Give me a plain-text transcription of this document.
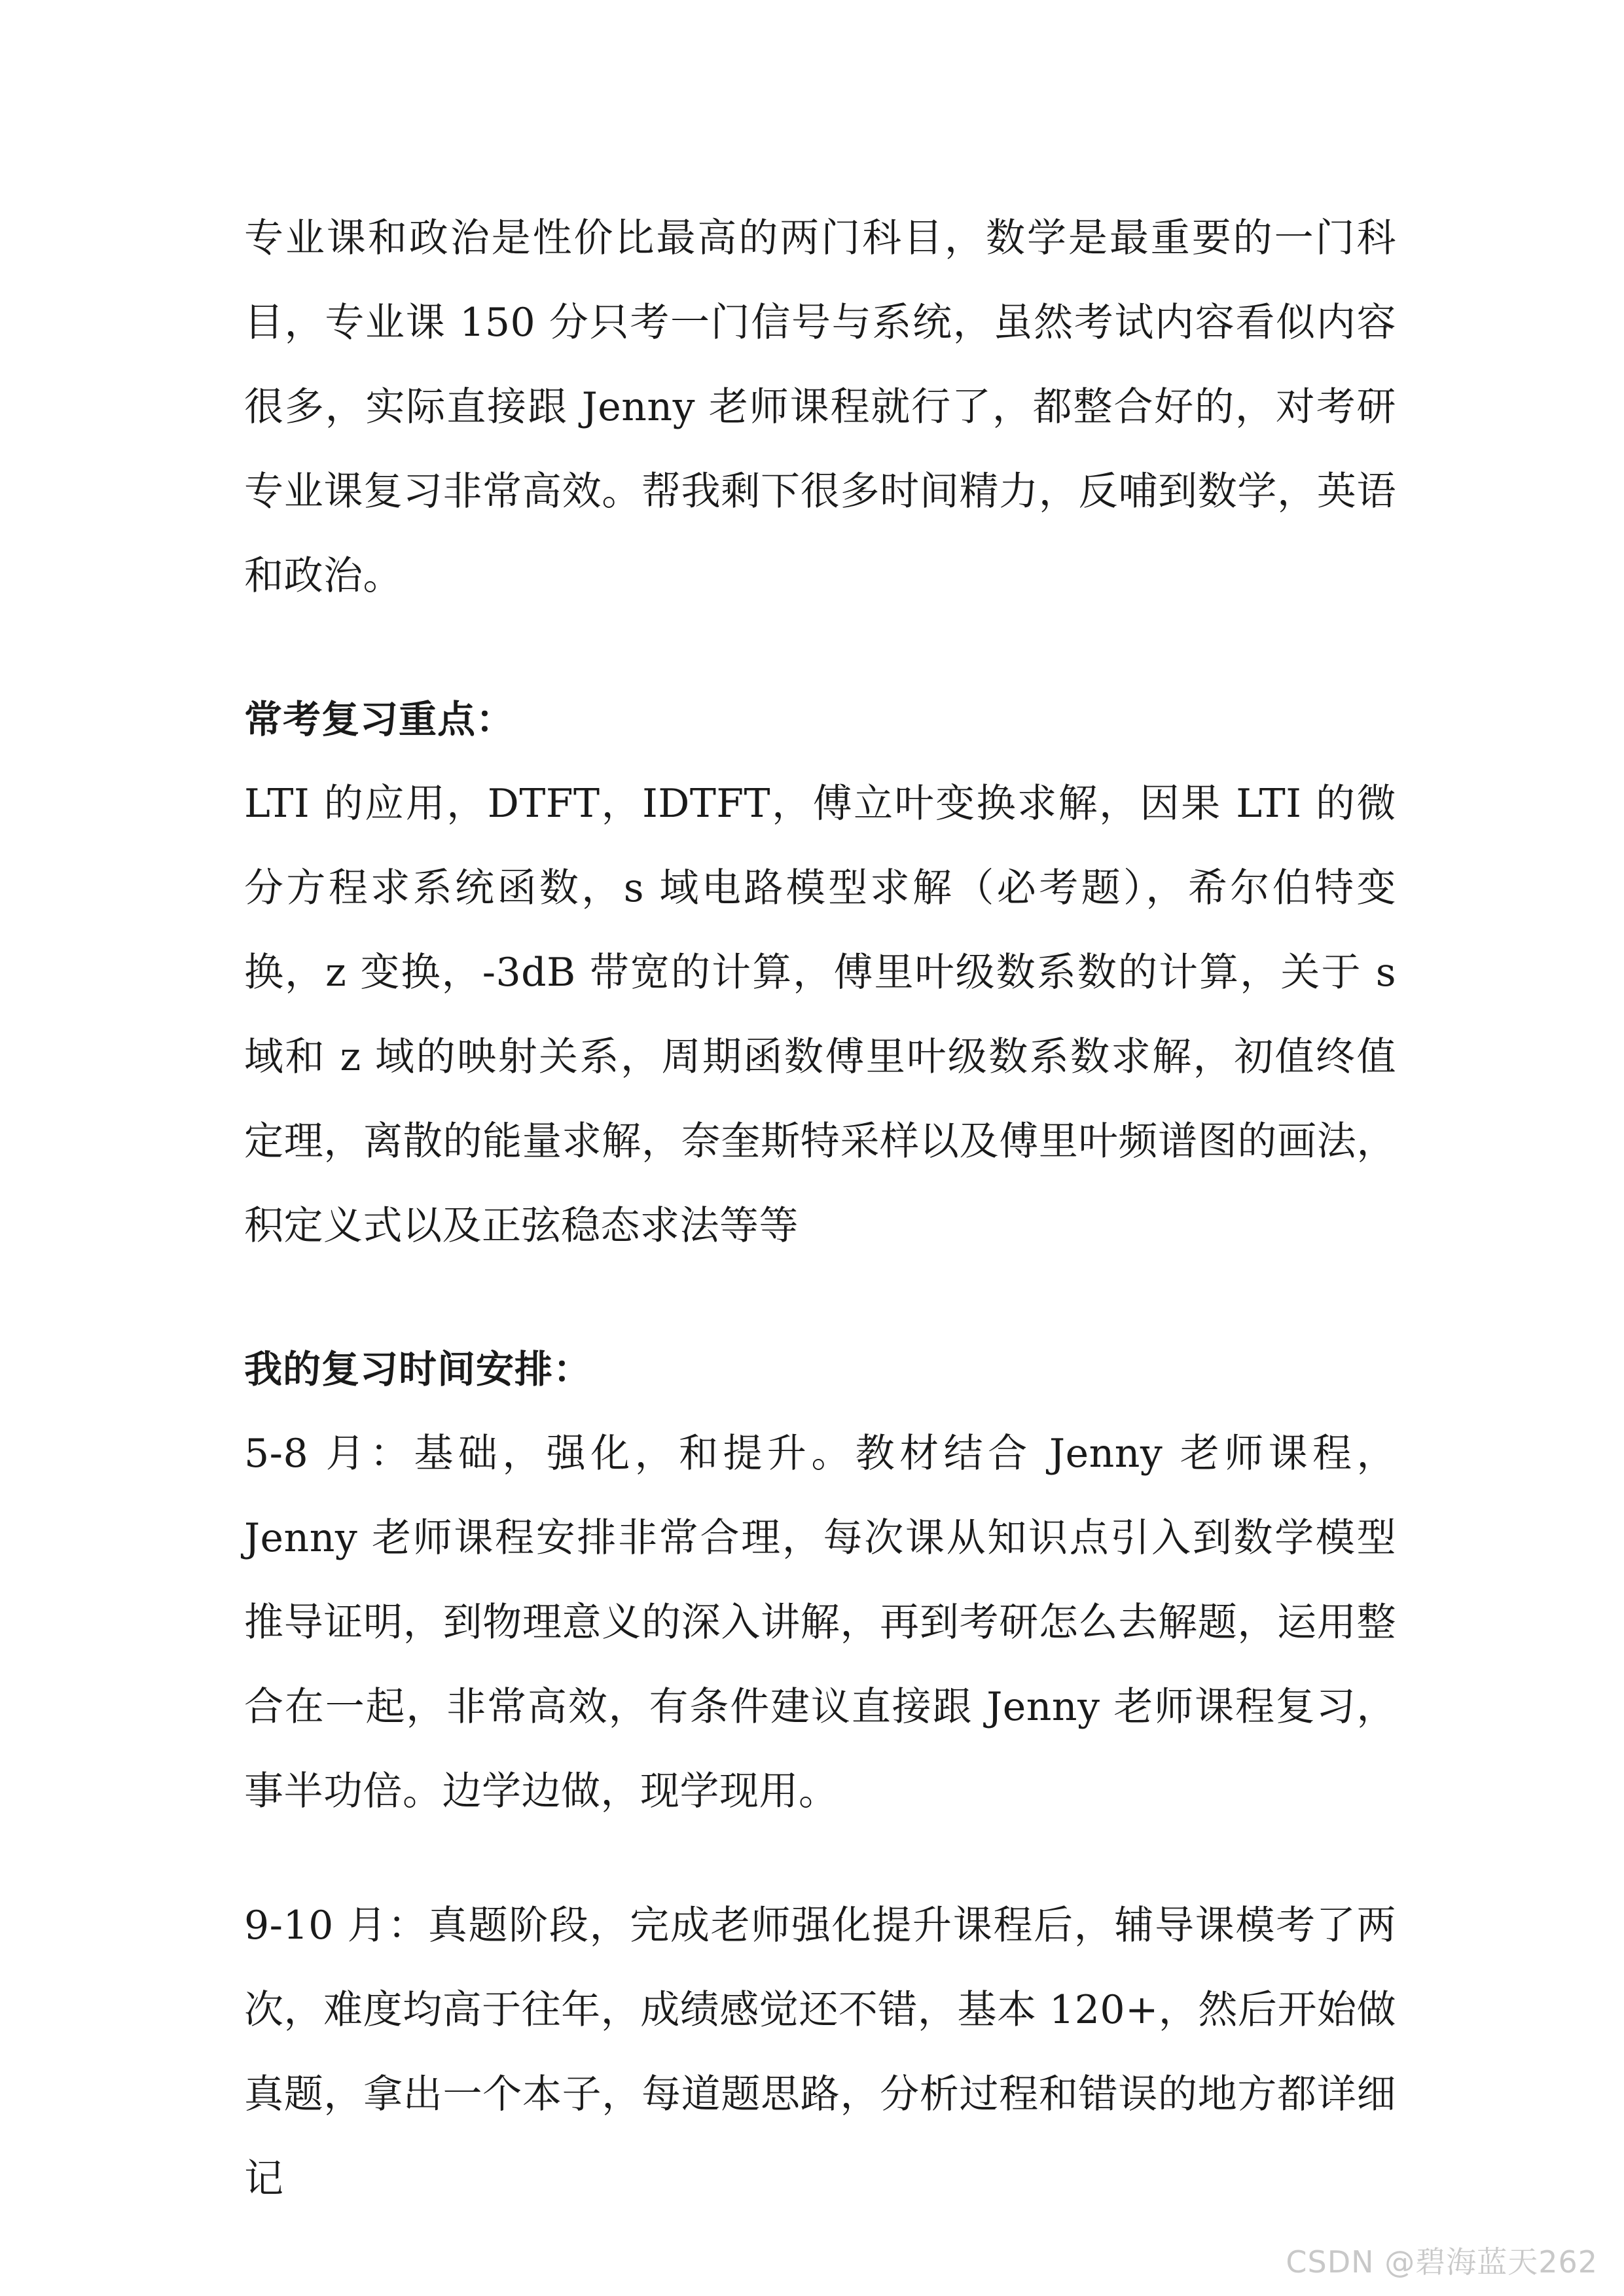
专业课和政治是性价比最高的两门科目，数学是最重要的一门科目，专业课 150 分只考一门信号与系统，虽然考试内容看似内容很多，实际直接跟 Jenny 老师课程就行了，都整合好的，对考研专业课复习非常高效。帮我剩下很多时间精力，反哺到数学，英语和政治。

常考复习重点：

LTI 的应用，DTFT，IDTFT，傅立叶变换求解，因果 LTI 的微分方程求系统函数，s 域电路模型求解（必考题），希尔伯特变换，z 变换，-3dB 带宽的计算，傅里叶级数系数的计算，关于 s 域和 z 域的映射关系，周期函数傅里叶级数系数求解，初值终值定理，离散的能量求解，奈奎斯特采样以及傅里叶频谱图的画法，积定义式以及正弦稳态求法等等

我的复习时间安排：

5-8 月：基础，强化，和提升。教材结合 Jenny 老师课程，Jenny 老师课程安排非常合理，每次课从知识点引入到数学模型推导证明，到物理意义的深入讲解，再到考研怎么去解题，运用整合在一起，非常高效，有条件建议直接跟 Jenny 老师课程复习，事半功倍。边学边做，现学现用。

9-10 月：真题阶段，完成老师强化提升课程后，辅导课模考了两次，难度均高于往年，成绩感觉还不错，基本 120+，然后开始做真题，拿出一个本子，每道题思路，分析过程和错误的地方都详细记

CSDN @碧海蓝天262
